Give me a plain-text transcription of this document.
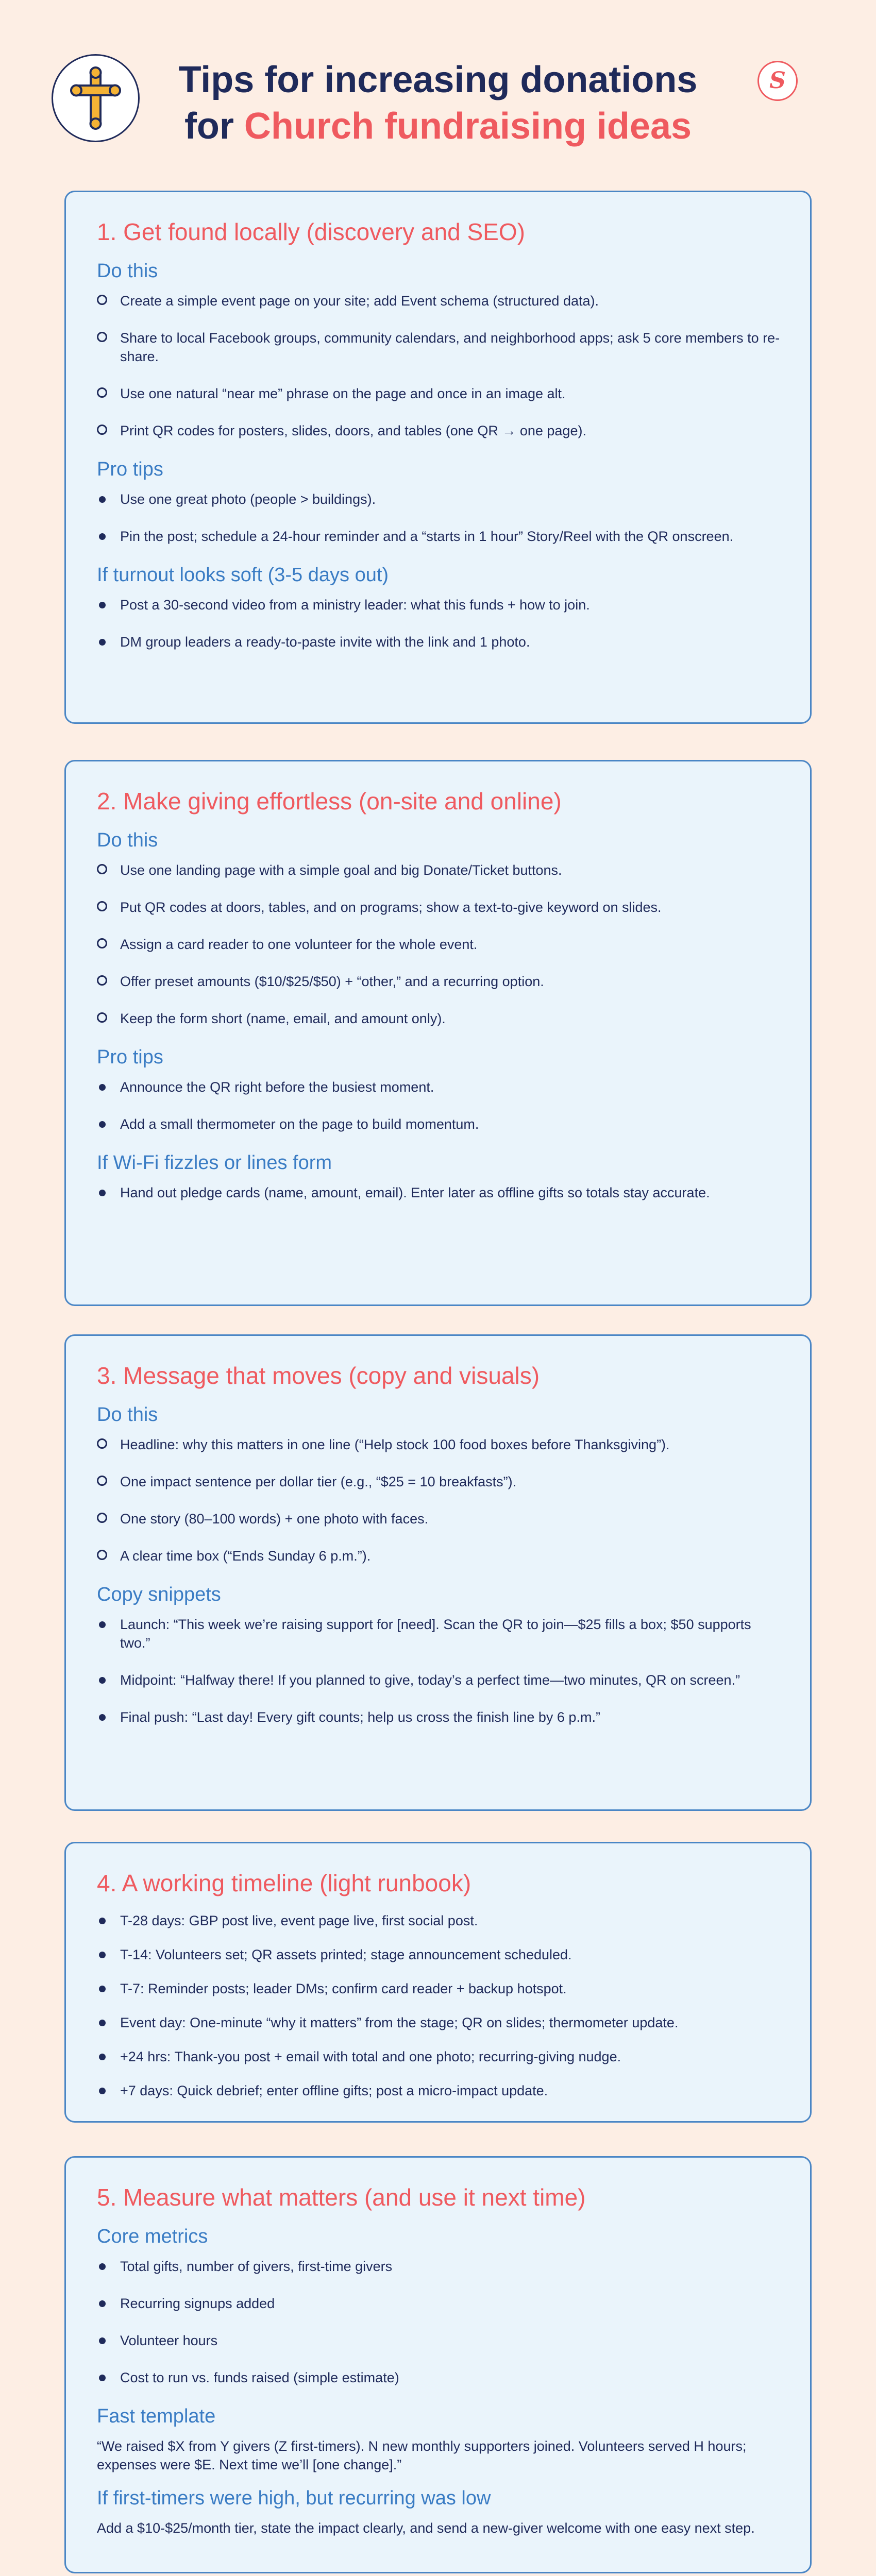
Tips for increasing donations
for Church fundraising ideas
S
1. Get found locally (discovery and SEO)
Do this
Create a simple event page on your site; add Event schema (structured data).
Share to local Facebook groups, community calendars, and neighborhood apps; ask 5 core members to re-share.
Use one natural “near me” phrase on the page and once in an image alt.
Print QR codes for posters, slides, doors, and tables (one QR → one page).
Pro tips
Use one great photo (people > buildings).
Pin the post; schedule a 24-hour reminder and a “starts in 1 hour” Story/Reel with the QR onscreen.
If turnout looks soft (3-5 days out)
Post a 30-second video from a ministry leader: what this funds + how to join.
DM group leaders a ready-to-paste invite with the link and 1 photo.
2. Make giving effortless (on-site and online)
Do this
Use one landing page with a simple goal and big Donate/Ticket buttons.
Put QR codes at doors, tables, and on programs; show a text-to-give keyword on slides.
Assign a card reader to one volunteer for the whole event.
Offer preset amounts ($10/$25/$50) + “other,” and a recurring option.
Keep the form short (name, email, and amount only).
Pro tips
Announce the QR right before the busiest moment.
Add a small thermometer on the page to build momentum.
If Wi-Fi fizzles or lines form
Hand out pledge cards (name, amount, email). Enter later as offline gifts so totals stay accurate.
3. Message that moves (copy and visuals)
Do this
Headline: why this matters in one line (“Help stock 100 food boxes before Thanksgiving”).
One impact sentence per dollar tier (e.g., “$25 = 10 breakfasts”).
One story (80–100 words) + one photo with faces.
A clear time box (“Ends Sunday 6 p.m.”).
Copy snippets
Launch: “This week we’re raising support for [need]. Scan the QR to join—$25 fills a box; $50 supports two.”
Midpoint: “Halfway there! If you planned to give, today’s a perfect time—two minutes, QR on screen.”
Final push: “Last day! Every gift counts; help us cross the finish line by 6 p.m.”
4. A working timeline (light runbook)
T-28 days: GBP post live, event page live, first social post.
T-14: Volunteers set; QR assets printed; stage announcement scheduled.
T-7: Reminder posts; leader DMs; confirm card reader + backup hotspot.
Event day: One-minute “why it matters” from the stage; QR on slides; thermometer update.
+24 hrs: Thank-you post + email with total and one photo; recurring-giving nudge.
+7 days: Quick debrief; enter offline gifts; post a micro-impact update.
5. Measure what matters (and use it next time)
Core metrics
Total gifts, number of givers, first-time givers
Recurring signups added
Volunteer hours
Cost to run vs. funds raised (simple estimate)
Fast template
“We raised $X from Y givers (Z first-timers). N new monthly supporters joined. Volunteers served H hours; expenses were $E. Next time we’ll [one change].”
If first-timers were high, but recurring was low
Add a $10-$25/month tier, state the impact clearly, and send a new-giver welcome with one easy next step.
